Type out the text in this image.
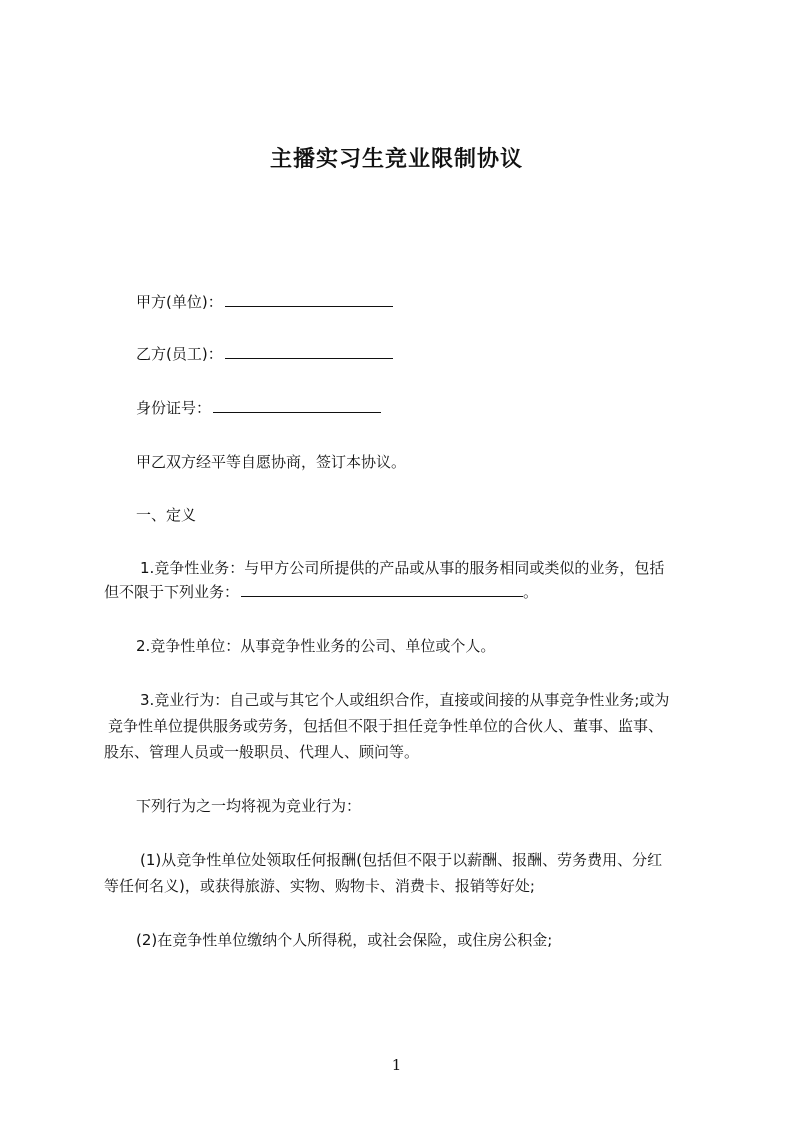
主播实习生竞业限制协议
甲方(单位)：
乙方(员工)：
身份证号：
甲乙双方经平等自愿协商，签订本协议。
一、定义
1.竞争性业务：与甲方公司所提供的产品或从事的服务相同或类似的业务，包括
但不限于下列业务：	。
2.竞争性单位：从事竞争性业务的公司、单位或个人。
3.竞业行为：自己或与其它个人或组织合作，直接或间接的从事竞争性业务;或为
竞争性单位提供服务或劳务，包括但不限于担任竞争性单位的合伙人、董事、监事、
股东、管理人员或一般职员、代理人、顾问等。
下列行为之一均将视为竞业行为：
(1)从竞争性单位处领取任何报酬(包括但不限于以薪酬、报酬、劳务费用、分红
等任何名义)，或获得旅游、实物、购物卡、消费卡、报销等好处;
(2)在竞争性单位缴纳个人所得税，或社会保险，或住房公积金;
1
